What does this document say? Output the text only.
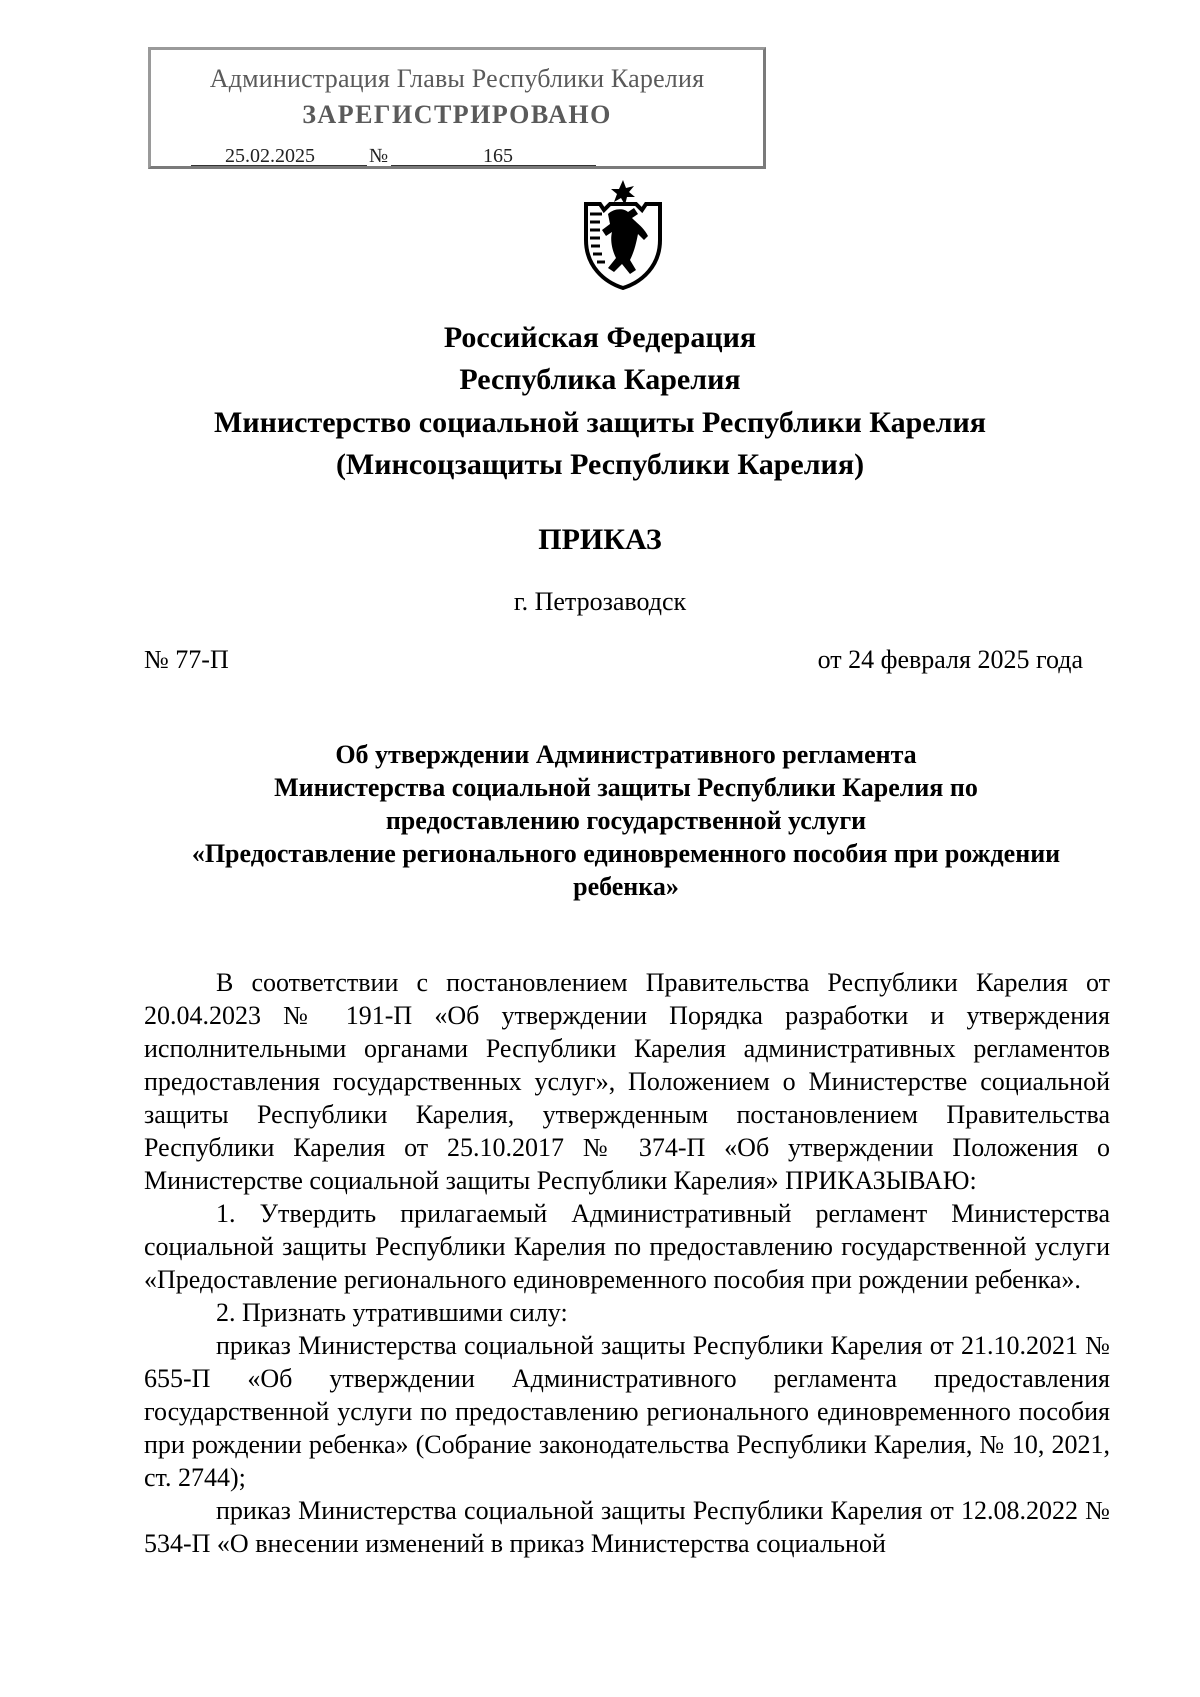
Администрация Главы Республики Карелия
ЗАРЕГИСТРИРОВАНО
25.02.2025	№	165
Российская Федерация
Республика Карелия
Министерство социальной защиты Республики Карелия
(Минсоцзащиты Республики Карелия)
ПРИКАЗ
г. Петрозаводск
№ 77-П	от 24 февраля 2025 года
Об утверждении Административного регламента
Министерства социальной защиты Республики Карелия по
предоставлению государственной услуги
«Предоставление регионального единовременного пособия при рождении
ребенка»

В соответствии с постановлением Правительства Республики Карелия от 20.04.2023 № 191-П «Об утверждении Порядка разработки и утверждения исполнительными органами Республики Карелия административных регламентов предоставления государственных услуг», Положением о Министерстве социальной защиты Республики Карелия, утвержденным постановлением Правительства Республики Карелия от 25.10.2017 № 374-П «Об утверждении Положения о Министерстве социальной защиты Республики Карелия» ПРИКАЗЫВАЮ:

1. Утвердить прилагаемый Административный регламент Министерства социальной защиты Республики Карелия по предоставлению государственной услуги «Предоставление регионального единовременного пособия при рождении ребенка».

2. Признать утратившими силу:

приказ Министерства социальной защиты Республики Карелия от 21.10.2021 № 655-П «Об утверждении Административного регламента предоставления государственной услуги по предоставлению регионального единовременного пособия при рождении ребенка» (Собрание законодательства Республики Карелия, № 10, 2021, ст. 2744);

приказ Министерства социальной защиты Республики Карелия от 12.08.2022 № 534-П «О внесении изменений в приказ Министерства социальной
